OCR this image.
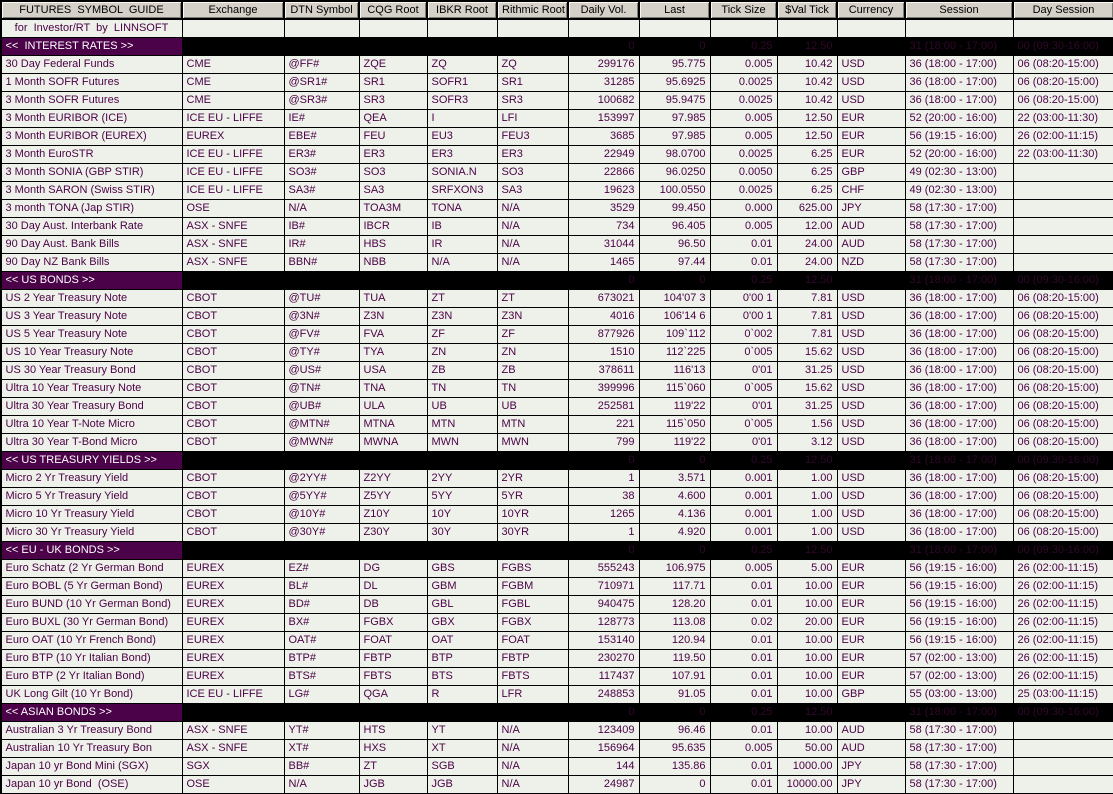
FUTURES  SYMBOL  GUIDE	Exchange	DTN Symbol	CQG Root	IBKR Root	Rithmic Root	Daily Vol.	Last	Tick Size	$Val Tick	Currency	Session	Day Session
for  Investor/RT  by  LINNSOFT												
<<  INTEREST RATES >>						0	0	0.25	12.50		31 (18:00 - 17:00)	00 (09:30-16:00)
30 Day Federal Funds	CME	@FF#	ZQE	ZQ	ZQ	299176	95.775	0.005	10.42	USD	36 (18:00 - 17:00)	06 (08:20-15:00)
1 Month SOFR Futures	CME	@SR1#	SR1	SOFR1	SR1	31285	95.6925	0.0025	10.42	USD	36 (18:00 - 17:00)	06 (08:20-15:00)
3 Month SOFR Futures	CME	@SR3#	SR3	SOFR3	SR3	100682	95.9475	0.0025	10.42	USD	36 (18:00 - 17:00)	06 (08:20-15:00)
3 Month EURIBOR (ICE)	ICE EU - LIFFE	IE#	QEA	I	LFI	153997	97.985	0.005	12.50	EUR	52 (20:00 - 16:00)	22 (03:00-11:30)
3 Month EURIBOR (EUREX)	EUREX	EBE#	FEU	EU3	FEU3	3685	97.985	0.005	12.50	EUR	56 (19:15 - 16:00)	26 (02:00-11:15)
3 Month EuroSTR	ICE EU - LIFFE	ER3#	ER3	ER3	ER3	22949	98.0700	0.0025	6.25	EUR	52 (20:00 - 16:00)	22 (03:00-11:30)
3 Month SONIA (GBP STIR)	ICE EU - LIFFE	SO3#	SO3	SONIA.N	SO3	22866	96.0250	0.0050	6.25	GBP	49 (02:30 - 13:00)	
3 Month SARON (Swiss STIR)	ICE EU - LIFFE	SA3#	SA3	SRFXON3	SA3	19623	100.0550	0.0025	6.25	CHF	49 (02:30 - 13:00)	
3 month TONA (Jap STIR)	OSE	N/A	TOA3M	TONA	N/A	3529	99.450	0.000	625.00	JPY	58 (17:30 - 17:00)	
30 Day Aust. Interbank Rate	ASX - SNFE	IB#	IBCR	IB	N/A	734	96.405	0.005	12.00	AUD	58 (17:30 - 17:00)	
90 Day Aust. Bank Bills	ASX - SNFE	IR#	HBS	IR	N/A	31044	96.50	0.01	24.00	AUD	58 (17:30 - 17:00)	
90 Day NZ Bank Bills	ASX - SNFE	BBN#	NBB	N/A	N/A	1465	97.44	0.01	24.00	NZD	58 (17:30 - 17:00)	
<< US BONDS >>						0	0	0.25	12.50		31 (18:00 - 17:00)	00 (09:30-16:00)
US 2 Year Treasury Note	CBOT	@TU#	TUA	ZT	ZT	673021	104'07 3	0'00 1	7.81	USD	36 (18:00 - 17:00)	06 (08:20-15:00)
US 3 Year Treasury Note	CBOT	@3N#	Z3N	Z3N	Z3N	4016	106'14 6	0'00 1	7.81	USD	36 (18:00 - 17:00)	06 (08:20-15:00)
US 5 Year Treasury Note	CBOT	@FV#	FVA	ZF	ZF	877926	109`112	0`002	7.81	USD	36 (18:00 - 17:00)	06 (08:20-15:00)
US 10 Year Treasury Note	CBOT	@TY#	TYA	ZN	ZN	1510	112`225	0`005	15.62	USD	36 (18:00 - 17:00)	06 (08:20-15:00)
US 30 Year Treasury Bond	CBOT	@US#	USA	ZB	ZB	378611	116'13	0'01	31.25	USD	36 (18:00 - 17:00)	06 (08:20-15:00)
Ultra 10 Year Treasury Note	CBOT	@TN#	TNA	TN	TN	399996	115`060	0`005	15.62	USD	36 (18:00 - 17:00)	06 (08:20-15:00)
Ultra 30 Year Treasury Bond	CBOT	@UB#	ULA	UB	UB	252581	119'22	0'01	31.25	USD	36 (18:00 - 17:00)	06 (08:20-15:00)
Ultra 10 Year T-Note Micro	CBOT	@MTN#	MTNA	MTN	MTN	221	115`050	0`005	1.56	USD	36 (18:00 - 17:00)	06 (08:20-15:00)
Ultra 30 Year T-Bond Micro	CBOT	@MWN#	MWNA	MWN	MWN	799	119'22	0'01	3.12	USD	36 (18:00 - 17:00)	06 (08:20-15:00)
<< US TREASURY YIELDS >>						0	0	0.25	12.50		31 (18:00 - 17:00)	00 (09:30-16:00)
Micro 2 Yr Treasury Yield	CBOT	@2YY#	Z2YY	2YY	2YR	1	3.571	0.001	1.00	USD	36 (18:00 - 17:00)	06 (08:20-15:00)
Micro 5 Yr Treasury Yield	CBOT	@5YY#	Z5YY	5YY	5YR	38	4.600	0.001	1.00	USD	36 (18:00 - 17:00)	06 (08:20-15:00)
Micro 10 Yr Treasury Yield	CBOT	@10Y#	Z10Y	10Y	10YR	1265	4.136	0.001	1.00	USD	36 (18:00 - 17:00)	06 (08:20-15:00)
Micro 30 Yr Treasury Yield	CBOT	@30Y#	Z30Y	30Y	30YR	1	4.920	0.001	1.00	USD	36 (18:00 - 17:00)	06 (08:20-15:00)
<< EU - UK BONDS >>						0	0	0.25	12.50		31 (18:00 - 17:00)	00 (09:30-16:00)
Euro Schatz (2 Yr German Bond	EUREX	EZ#	DG	GBS	FGBS	555243	106.975	0.005	5.00	EUR	56 (19:15 - 16:00)	26 (02:00-11:15)
Euro BOBL (5 Yr German Bond)	EUREX	BL#	DL	GBM	FGBM	710971	117.71	0.01	10.00	EUR	56 (19:15 - 16:00)	26 (02:00-11:15)
Euro BUND (10 Yr German Bond)	EUREX	BD#	DB	GBL	FGBL	940475	128.20	0.01	10.00	EUR	56 (19:15 - 16:00)	26 (02:00-11:15)
Euro BUXL (30 Yr German Bond)	EUREX	BX#	FGBX	GBX	FGBX	128773	113.08	0.02	20.00	EUR	56 (19:15 - 16:00)	26 (02:00-11:15)
Euro OAT (10 Yr French Bond)	EUREX	OAT#	FOAT	OAT	FOAT	153140	120.94	0.01	10.00	EUR	56 (19:15 - 16:00)	26 (02:00-11:15)
Euro BTP (10 Yr Italian Bond)	EUREX	BTP#	FBTP	BTP	FBTP	230270	119.50	0.01	10.00	EUR	57 (02:00 - 13:00)	26 (02:00-11:15)
Euro BTP (2 Yr Italian Bond)	EUREX	BTS#	FBTS	BTS	FBTS	117437	107.91	0.01	10.00	EUR	57 (02:00 - 13:00)	26 (02:00-11:15)
UK Long Gilt (10 Yr Bond)	ICE EU - LIFFE	LG#	QGA	R	LFR	248853	91.05	0.01	10.00	GBP	55 (03:00 - 13:00)	25 (03:00-11:15)
<< ASIAN BONDS >>						0	0	0.25	12.50		31 (18:00 - 17:00)	00 (09:30-16:00)
Australian 3 Yr Treasury Bond	ASX - SNFE	YT#	HTS	YT	N/A	123409	96.46	0.01	10.00	AUD	58 (17:30 - 17:00)	
Australian 10 Yr Treasury Bon	ASX - SNFE	XT#	HXS	XT	N/A	156964	95.635	0.005	50.00	AUD	58 (17:30 - 17:00)	
Japan 10 yr Bond Mini (SGX)	SGX	BB#	ZT	SGB	N/A	144	135.86	0.01	1000.00	JPY	58 (17:30 - 17:00)	
Japan 10 yr Bond  (OSE)	OSE	N/A	JGB	JGB	N/A	24987	0	0.01	10000.00	JPY	58 (17:30 - 17:00)	
